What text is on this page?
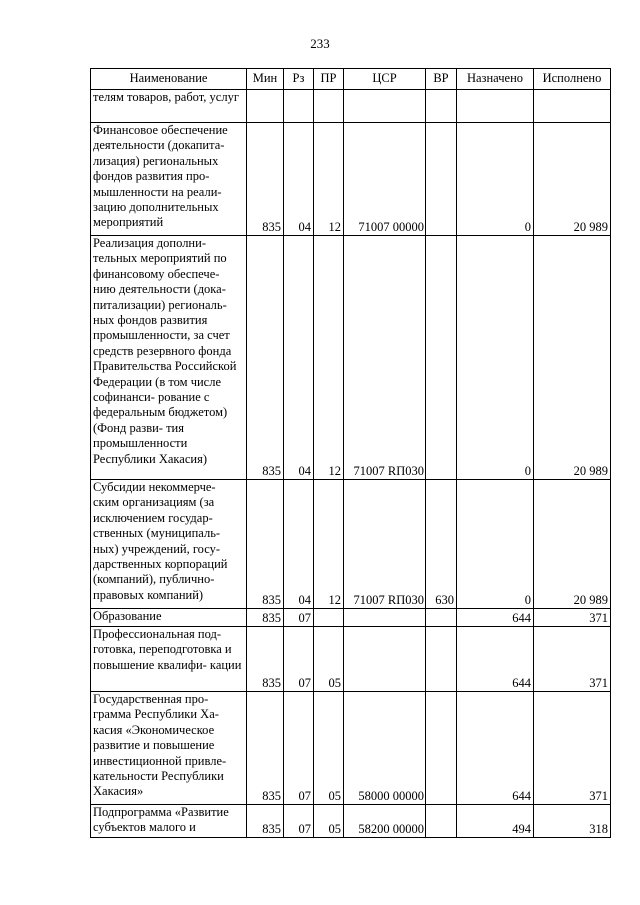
233
Наименование	Мин	Рз	ПР	ЦСР	ВР	Назначено	Исполнено
телям товаров, работ, услуг							
Финансовое обеспечение деятельности (докапита- лизация) региональных фондов развития про- мышленности на реали- зацию дополнительных мероприятий	835	04	12	71007 00000		0	20 989
Реализация дополни- тельных мероприятий по финансовому обеспече- нию деятельности (дока- питализации) региональ- ных фондов развития промышленности, за счет средств резервного фонда Правительства Российской Федерации (в том числе софинанси- рование с федеральным бюджетом) (Фонд разви- тия промышленности Республики Хакасия)	835	04	12	71007 RП030		0	20 989
Субсидии некоммерче- ским организациям (за исключением государ- ственных (муниципаль- ных) учреждений, госу- дарственных корпораций (компаний), публично- правовых компаний)	835	04	12	71007 RП030	630	0	20 989
Образование	835	07				644	371
Профессиональная под- готовка, переподготовка и повышение квалифи- кации	835	07	05			644	371
Государственная про- грамма Республики Ха- касия «Экономическое развитие и повышение инвестиционной привле- кательности Республики Хакасия»	835	07	05	58000 00000		644	371
Подпрограмма «Развитие субъектов малого и	835	07	05	58200 00000		494	318
